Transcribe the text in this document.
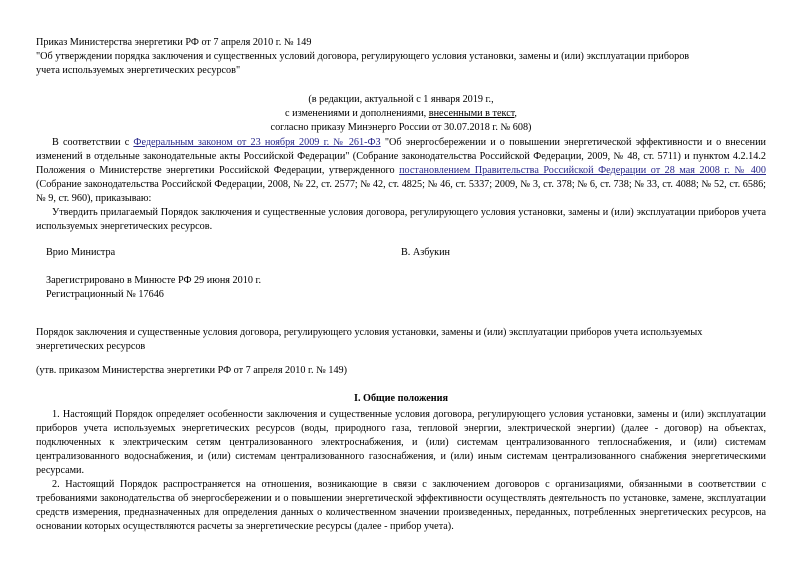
Приказ Министерства энергетики РФ от 7 апреля 2010 г. № 149
"Об утверждении порядка заключения и существенных условий договора, регулирующего условия установки, замены и (или) эксплуатации приборов
учета используемых энергетических ресурсов"
(в редакции, актуальной с 1 января 2019 г.,
с изменениями и дополнениями, внесенными в текст,
согласно приказу Минэнерго России от 30.07.2018 г. № 608)

В соответствии с Федеральным законом от 23 ноября 2009 г. № 261-ФЗ "Об энергосбережении и о повышении энергетической эффективности и о внесении изменений в отдельные законодательные акты Российской Федерации" (Собрание законодательства Российской Федерации, 2009, № 48, ст. 5711) и пунктом 4.2.14.2 Положения о Министерстве энергетики Российской Федерации, утвержденного постановлением Правительства Российской Федерации от 28 мая 2008 г. № 400 (Собрание законодательства Российской Федерации, 2008, № 22, ст. 2577; № 42, ст. 4825; № 46, ст. 5337; 2009, № 3, ст. 378; № 6, ст. 738; № 33, ст. 4088; № 52, ст. 6586; № 9, ст. 960), приказываю:

Утвердить прилагаемый Порядок заключения и существенные условия договора, регулирующего условия установки, замены и (или) эксплуатации приборов учета используемых энергетических ресурсов.

Врио Министра	В. Азбукин
Зарегистрировано в Минюсте РФ 29 июня 2010 г.
Регистрационный № 17646

Порядок заключения и существенные условия договора, регулирующего условия установки, замены и (или) эксплуатации приборов учета используемых энергетических ресурсов

(утв. приказом Министерства энергетики РФ от 7 апреля 2010 г. № 149)

I. Общие положения

1. Настоящий Порядок определяет особенности заключения и существенные условия договора, регулирующего условия установки, замены и (или) эксплуатации приборов учета используемых энергетических ресурсов (воды, природного газа, тепловой энергии, электрической энергии) (далее - договор) на объектах, подключенных к электрическим сетям централизованного электроснабжения, и (или) системам централизованного теплоснабжения, и (или) системам централизованного водоснабжения, и (или) системам централизованного газоснабжения, и (или) иным системам централизованного снабжения энергетическими ресурсами.

2. Настоящий Порядок распространяется на отношения, возникающие в связи с заключением договоров с организациями, обязанными в соответствии с требованиями законодательства об энергосбережении и о повышении энергетической эффективности осуществлять деятельность по установке, замене, эксплуатации средств измерения, предназначенных для определения данных о количественном значении произведенных, переданных, потребленных энергетических ресурсов, на основании которых осуществляются расчеты за энергетические ресурсы (далее - прибор учета).
